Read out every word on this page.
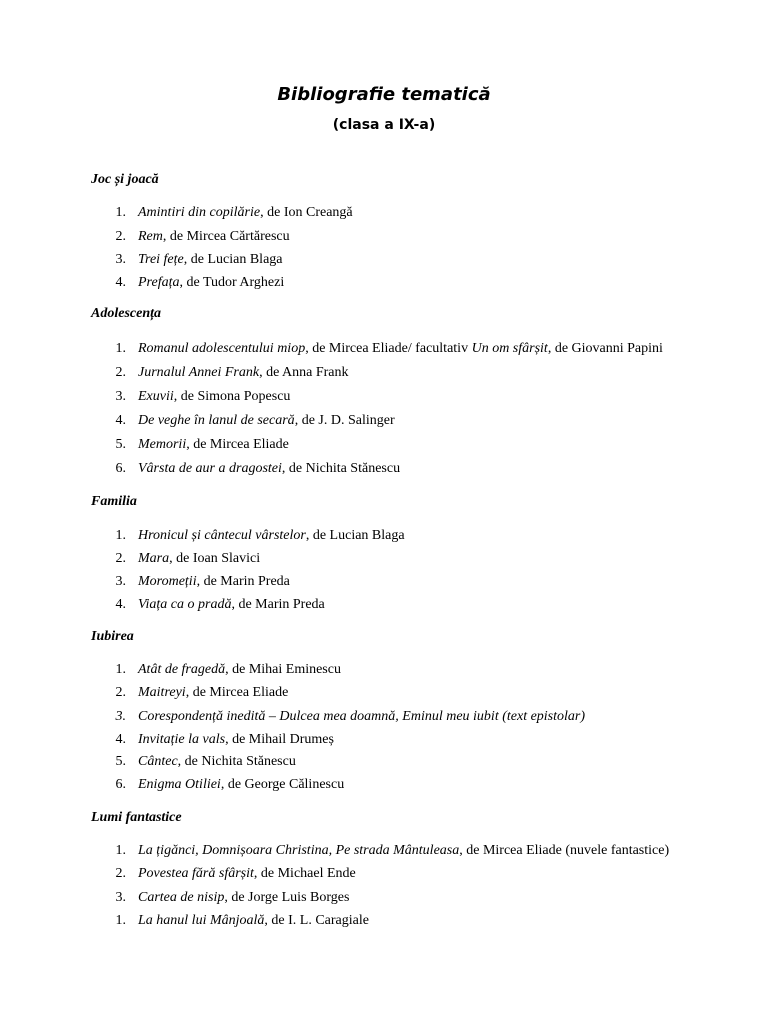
Bibliografie tematică
(clasa a IX-a)
Joc și joacă
1. Amintiri din copilărie, de Ion Creangă
2. Rem, de Mircea Cărtărescu
3. Trei fețe, de Lucian Blaga
4. Prefața, de Tudor Arghezi
Adolescența
1. Romanul adolescentului miop, de Mircea Eliade/ facultativ Un om sfârșit, de Giovanni Papini
2. Jurnalul Annei Frank, de Anna Frank
3. Exuvii, de Simona Popescu
4. De veghe în lanul de secară, de J. D. Salinger
5. Memorii, de Mircea Eliade
6. Vârsta de aur a dragostei, de Nichita Stănescu
Familia
1. Hronicul și cântecul vârstelor, de Lucian Blaga
2. Mara, de Ioan Slavici
3. Moromeții, de Marin Preda
4. Viața ca o pradă, de Marin Preda
Iubirea
1. Atât de fragedă, de Mihai Eminescu
2. Maitreyi, de Mircea Eliade
3. Corespondență inedită – Dulcea mea doamnă, Eminul meu iubit (text epistolar)
4. Invitație la vals, de Mihail Drumeș
5. Cântec, de Nichita Stănescu
6. Enigma Otiliei, de George Călinescu
Lumi fantastice
1. La țigănci, Domnișoara Christina, Pe strada Mântuleasa, de Mircea Eliade (nuvele fantastice)
2. Povestea fără sfârșit, de Michael Ende
3. Cartea de nisip, de Jorge Luis Borges
1. La hanul lui Mânjoală, de I. L. Caragiale
